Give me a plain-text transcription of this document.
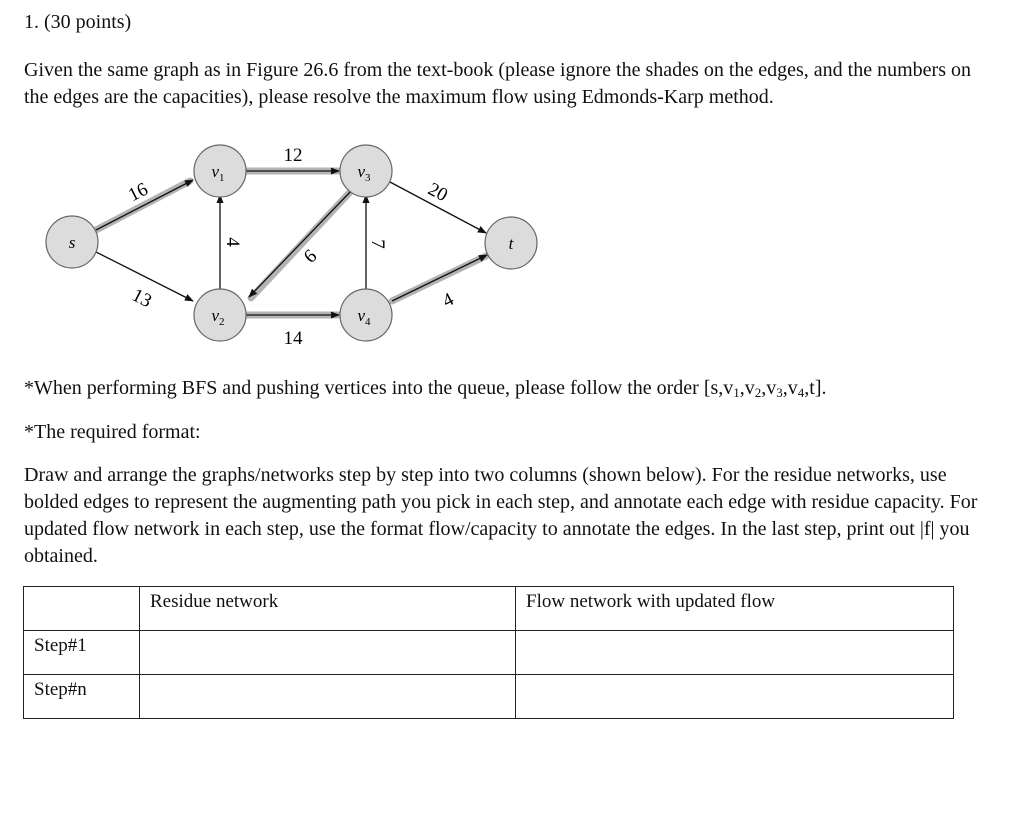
1. (30 points)

Given the same graph as in Figure 26.6 from the text-book (please ignore the shades on the edges, and the numbers on the edges are the capacities), please resolve the maximum flow using Edmonds-Karp method.

16
13
12
4
9
7
20
14
4
s
$v_1$	$v_3$
$v_2$	$v_4$
t

*When performing BFS and pushing vertices into the queue, please follow the order $[s,v_1,v_2,v_3,v_4,t]$.

*The required format:

Draw and arrange the graphs/networks step by step into two columns (shown below). For the residue networks, use bolded edges to represent the augmenting path you pick in each step, and annotate each edge with residue capacity. For updated flow network in each step, use the format flow/capacity to annotate the edges. In the last step, print out |f| you obtained.

	Residue network	Flow network with updated flow

Step#1		

Step#n		
